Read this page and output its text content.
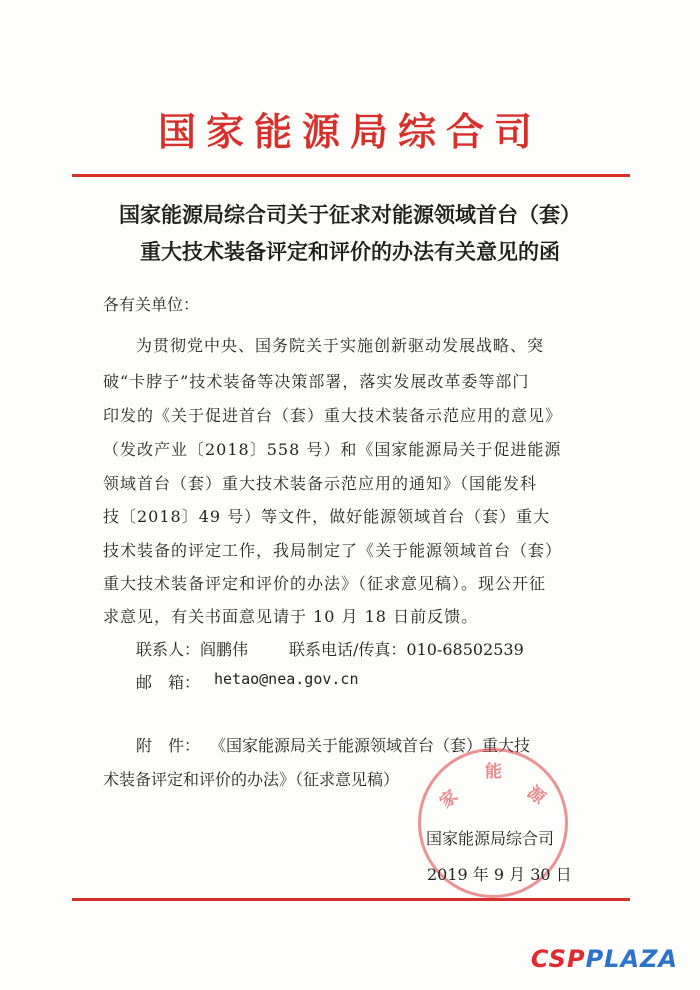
国家能源局综合司
国家能源局综合司关于征求对能源领域首台（套）
重大技术装备评定和评价的办法有关意见的函
各有关单位：
为贯彻党中央、国务院关于实施创新驱动发展战略、突
破“卡脖子”技术装备等决策部署，落实发展改革委等部门
印发的《关于促进首台（套）重大技术装备示范应用的意见》
（发改产业〔2018〕558 号）和《国家能源局关于促进能源
领域首台（套）重大技术装备示范应用的通知》（国能发科
技〔2018〕49 号）等文件，做好能源领域首台（套）重大
技术装备的评定工作，我局制定了《关于能源领域首台（套）
重大技术装备评定和评价的办法》（征求意见稿）。现公开征
求意见，有关书面意见请于 10 月 18 日前反馈。
联系人：阎鹏伟	联系电话/传真：010-68502539
邮　箱： hetao@nea.gov.cn
附　件： 《国家能源局关于能源领域首台（套）重大技
术装备评定和评价的办法》（征求意见稿）
家
能
源
国家能源局综合司
2019 年 9 月 30 日
CSPPLAZA
